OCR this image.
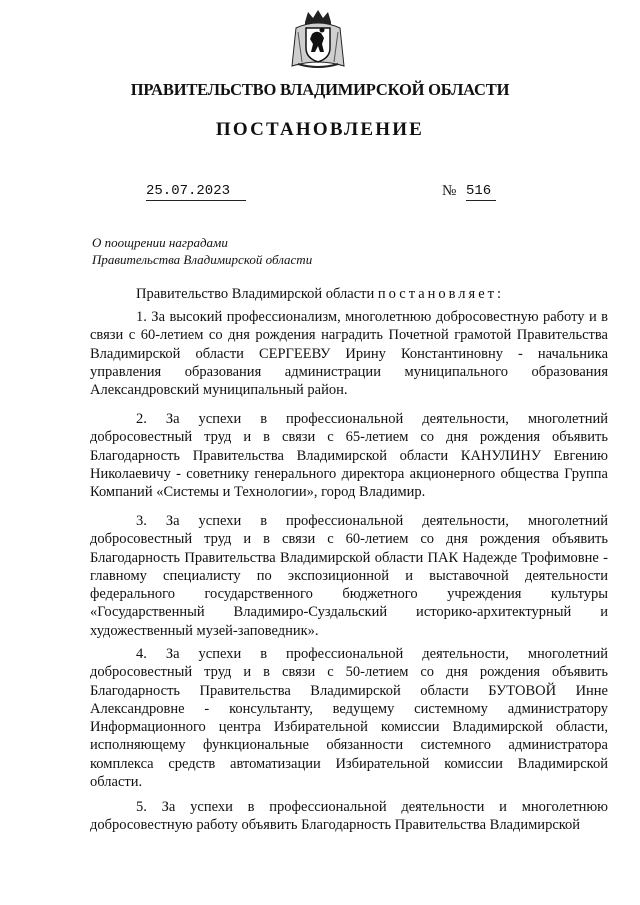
ПРАВИТЕЛЬСТВО ВЛАДИМИРСКОЙ ОБЛАСТИ
ПОСТАНОВЛЕНИЕ
25.07.2023	№ 516
О поощрении наградами
Правительства Владимирской области
Правительство Владимирской области постановляет:
1. За высокий профессионализм, многолетнюю добросовестную работу и в связи с 60-летием со дня рождения наградить Почетной грамотой Правительства Владимирской области СЕРГЕЕВУ Ирину Константиновну - начальника управления образования администрации муниципального образования Александровский муниципальный район.
2. За успехи в профессиональной деятельности, многолетний добросовестный труд и в связи с 65-летием со дня рождения объявить Благодарность Правительства Владимирской области КАНУЛИНУ Евгению Николаевичу - советнику генерального директора акционерного общества Группа Компаний «Системы и Технологии», город Владимир.
3. За успехи в профессиональной деятельности, многолетний добросовестный труд и в связи с 60-летием со дня рождения объявить Благодарность Правительства Владимирской области ПАК Надежде Трофимовне - главному специалисту по экспозиционной и выставочной деятельности федерального государственного бюджетного учреждения культуры «Государственный Владимиро-Суздальский историко-архитектурный и художественный музей-заповедник».
4. За успехи в профессиональной деятельности, многолетний добросовестный труд и в связи с 50-летием со дня рождения объявить Благодарность Правительства Владимирской области БУТОВОЙ Инне Александровне - консультанту, ведущему системному администратору Информационного центра Избирательной комиссии Владимирской области, исполняющему функциональные обязанности системного администратора комплекса средств автоматизации Избирательной комиссии Владимирской области.
5. За успехи в профессиональной деятельности и многолетнюю добросовестную работу объявить Благодарность Правительства Владимирской
